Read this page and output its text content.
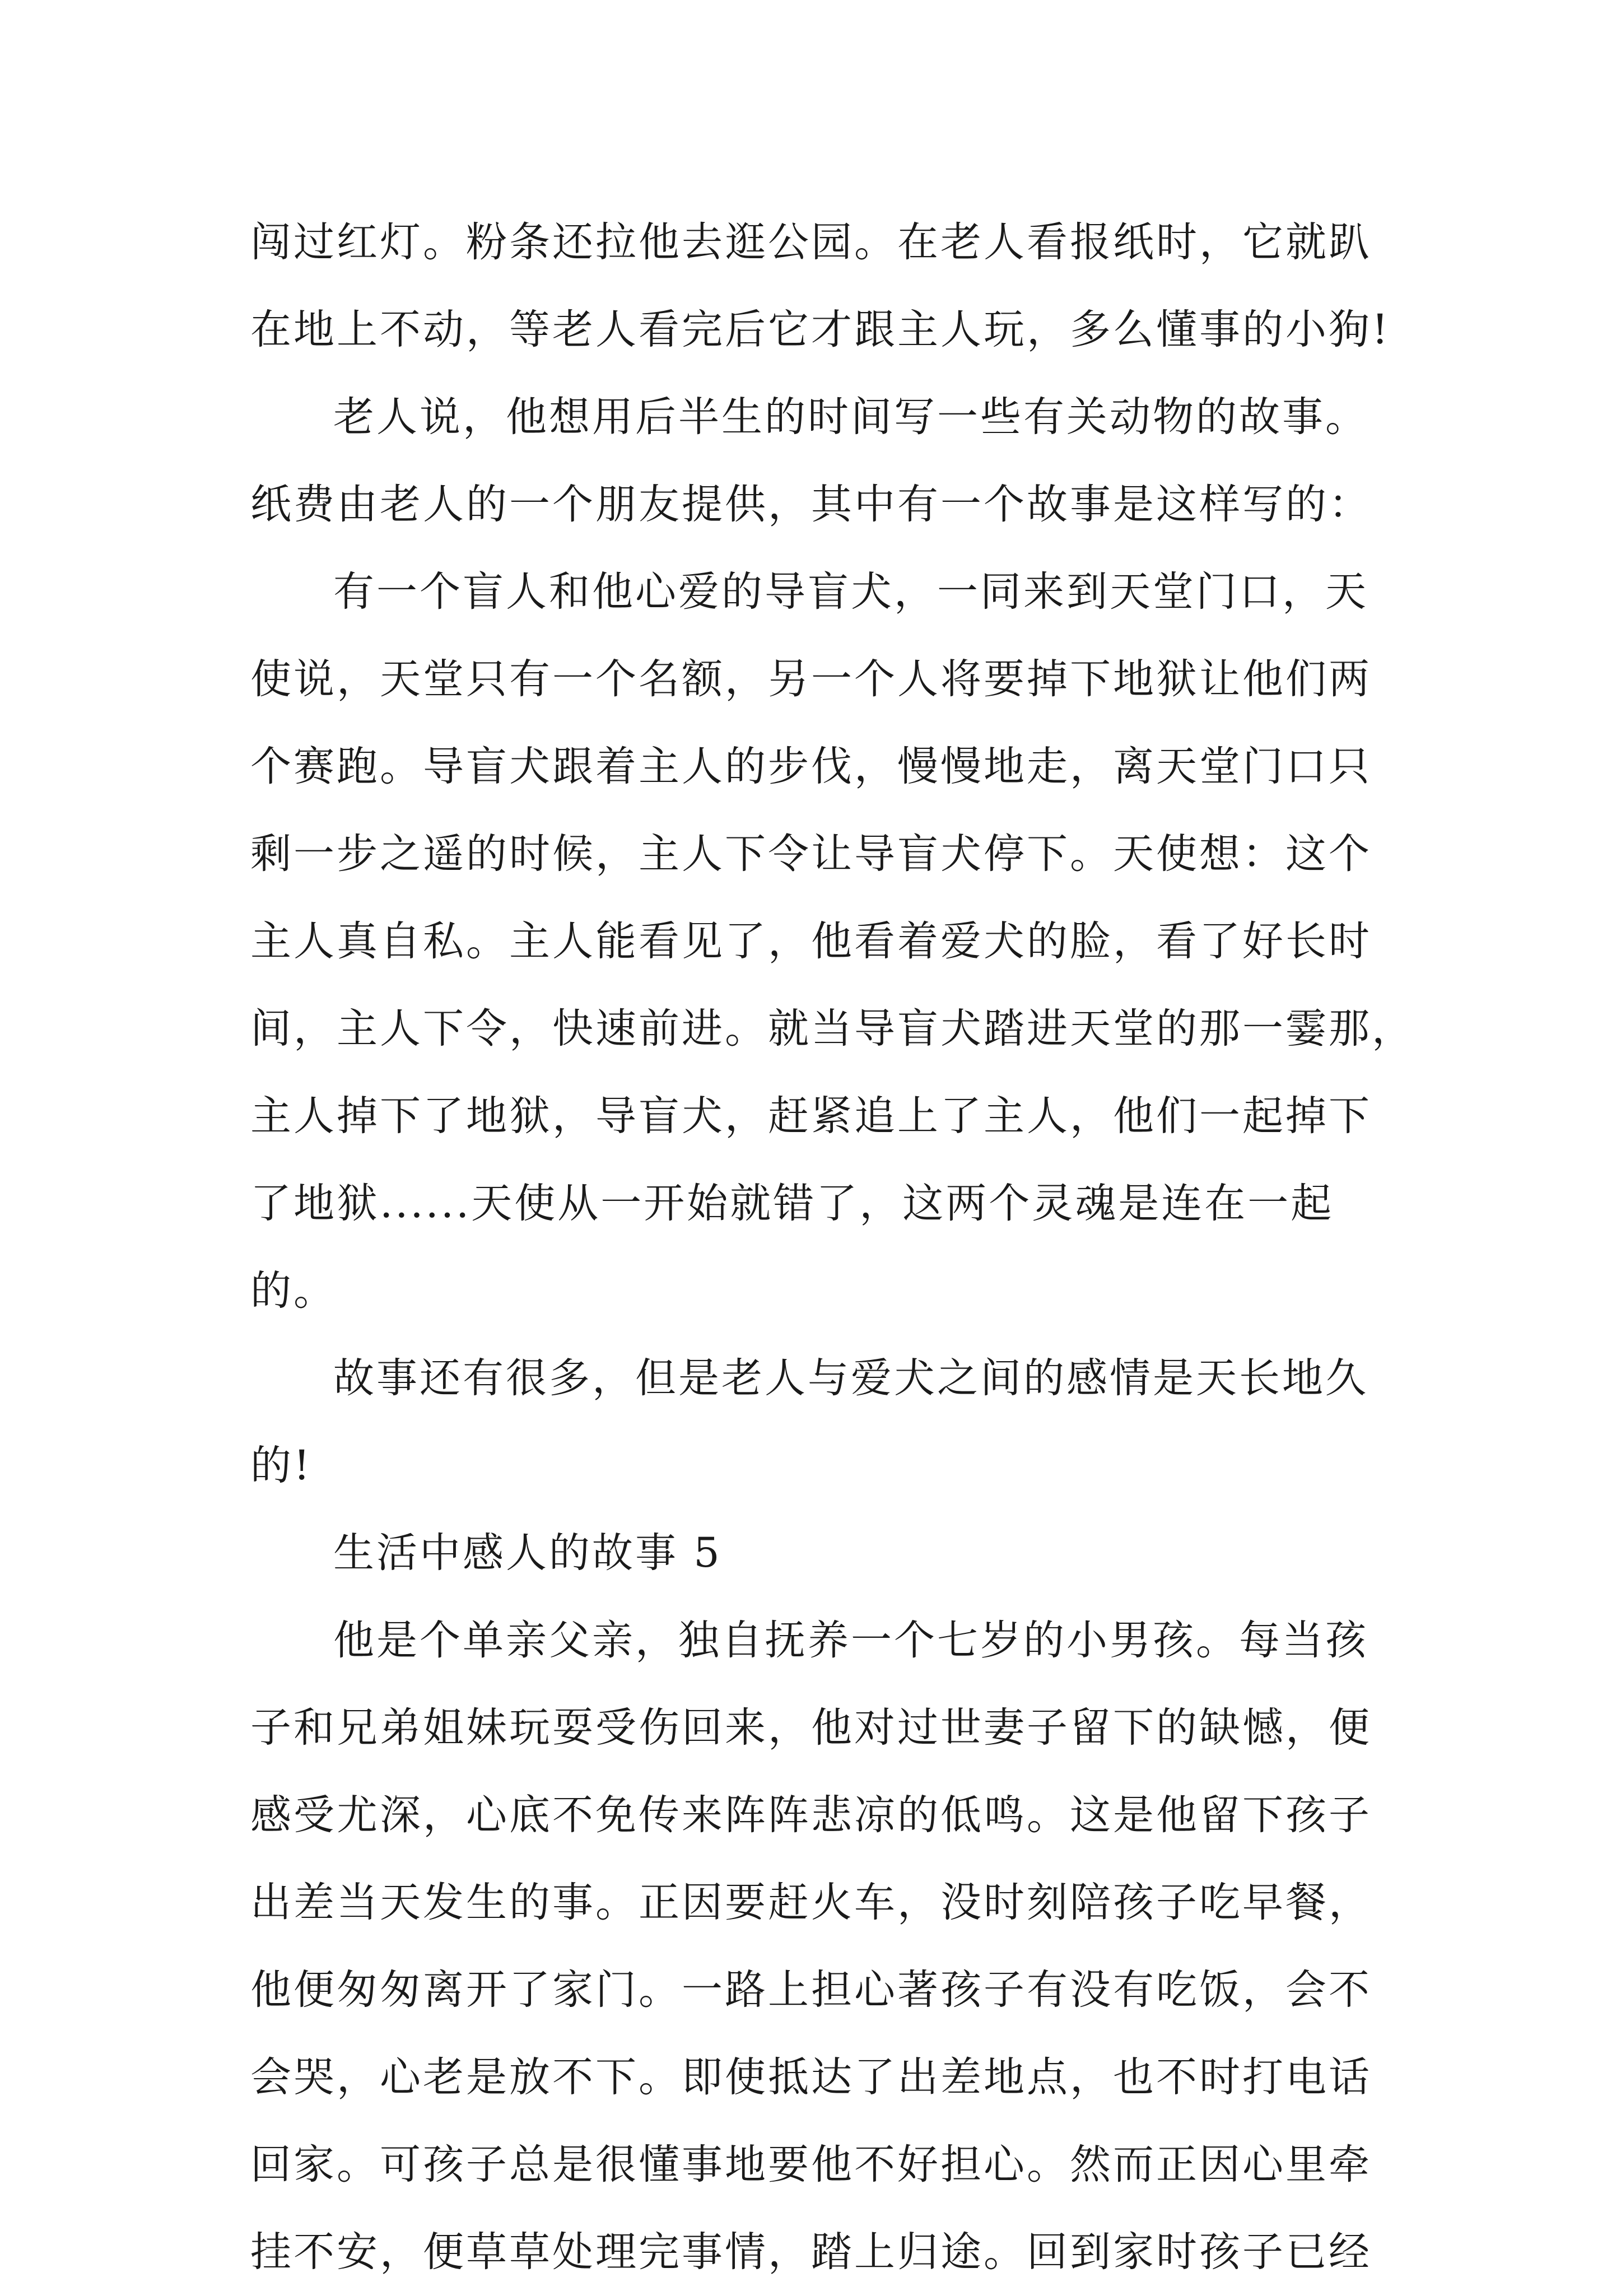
闯过红灯。粉条还拉他去逛公园。在老人看报纸时，它就趴
在地上不动，等老人看完后它才跟主人玩，多么懂事的小狗!
老人说，他想用后半生的时间写一些有关动物的故事。
纸费由老人的一个朋友提供，其中有一个故事是这样写的：
有一个盲人和他心爱的导盲犬，一同来到天堂门口，天
使说，天堂只有一个名额，另一个人将要掉下地狱让他们两
个赛跑。导盲犬跟着主人的步伐，慢慢地走，离天堂门口只
剩一步之遥的时候，主人下令让导盲犬停下。天使想：这个
主人真自私。主人能看见了，他看着爱犬的脸，看了好长时
间，主人下令，快速前进。就当导盲犬踏进天堂的那一霎那，
主人掉下了地狱，导盲犬，赶紧追上了主人，他们一起掉下
了地狱......天使从一开始就错了，这两个灵魂是连在一起
的。
故事还有很多，但是老人与爱犬之间的感情是天长地久
的!
生活中感人的故事 5
他是个单亲父亲，独自抚养一个七岁的小男孩。每当孩
子和兄弟姐妹玩耍受伤回来，他对过世妻子留下的缺憾，便
感受尤深，心底不免传来阵阵悲凉的低鸣。这是他留下孩子
出差当天发生的事。正因要赶火车，没时刻陪孩子吃早餐，
他便匆匆离开了家门。一路上担心著孩子有没有吃饭，会不
会哭，心老是放不下。即使抵达了出差地点，也不时打电话
回家。可孩子总是很懂事地要他不好担心。然而正因心里牵
挂不安，便草草处理完事情，踏上归途。回到家时孩子已经
